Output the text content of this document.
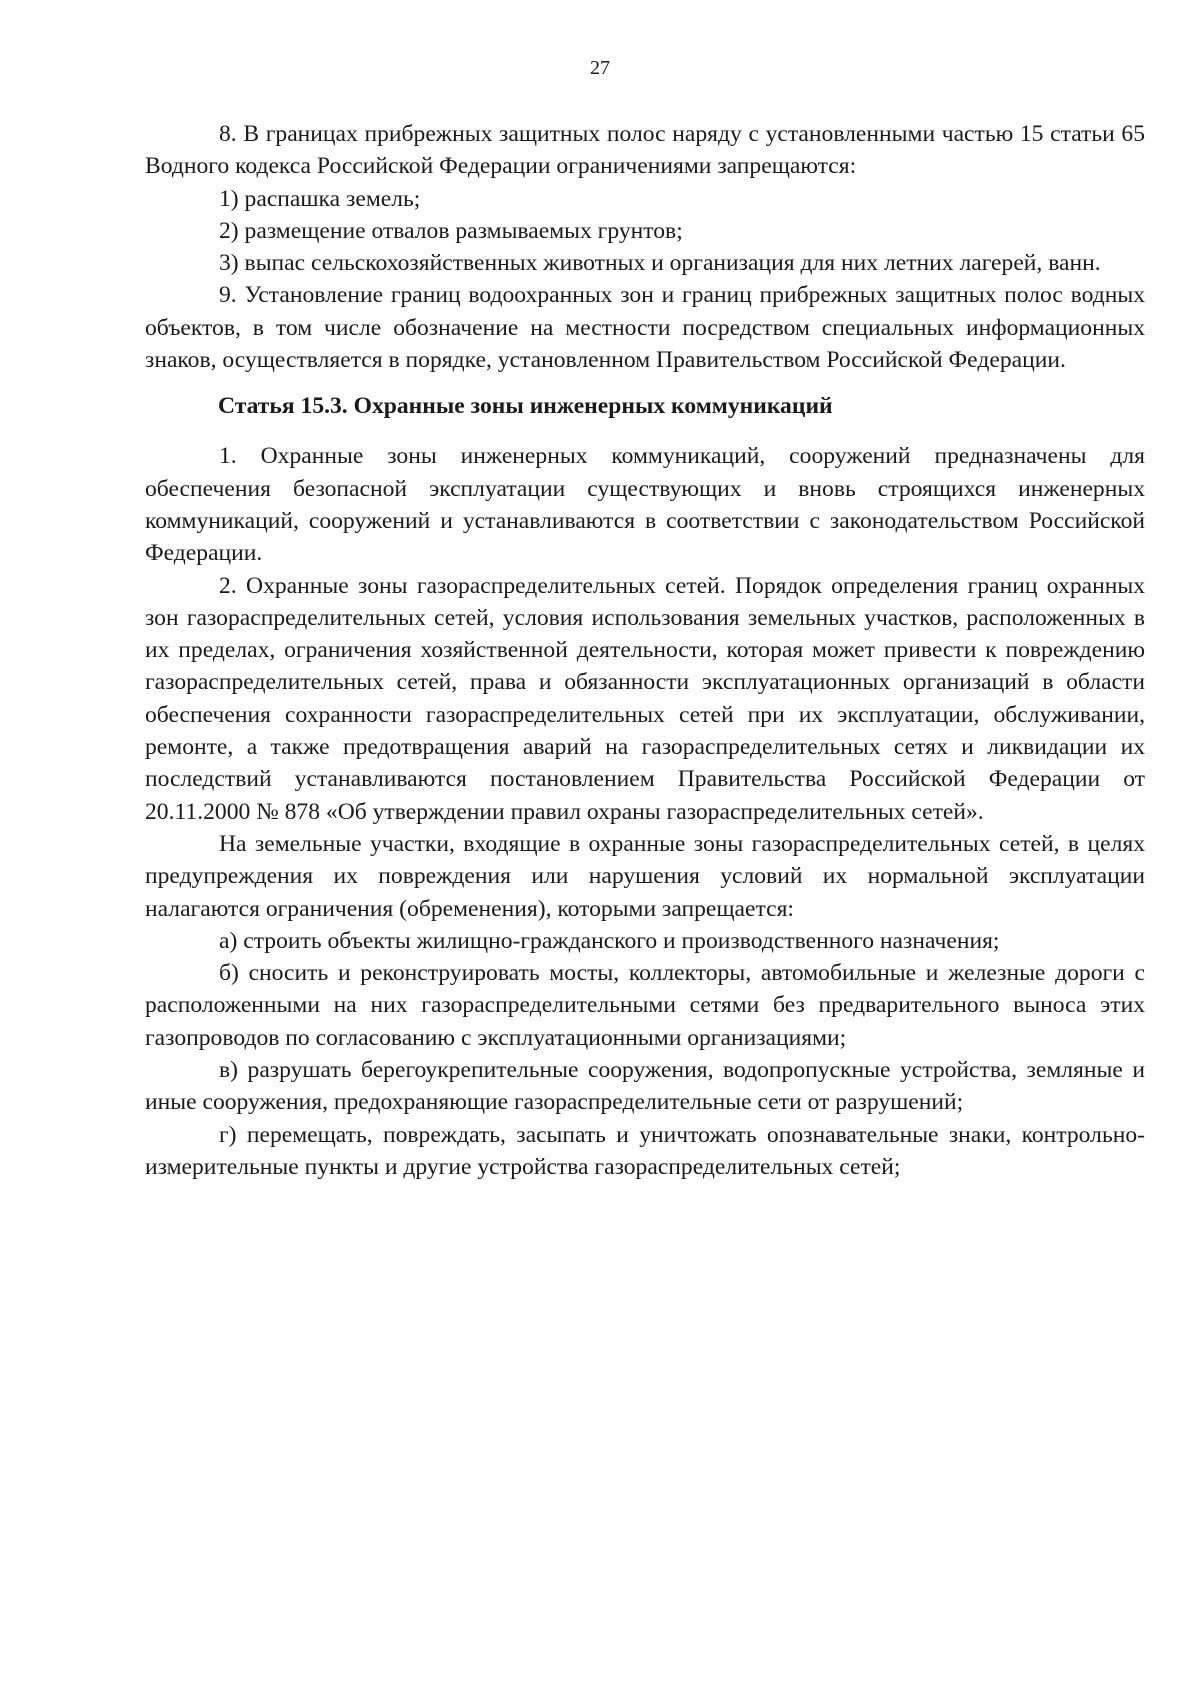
27

8. В границах прибрежных защитных полос наряду с установленными частью 15 статьи 65 Водного кодекса Российской Федерации ограничениями запрещаются:

1) распашка земель;

2) размещение отвалов размываемых грунтов;

3) выпас сельскохозяйственных животных и организация для них летних лагерей, ванн.

9. Установление границ водоохранных зон и границ прибрежных защитных полос водных объектов, в том числе обозначение на местности посредством специальных информационных знаков, осуществляется в порядке, установленном Правительством Российской Федерации.

Статья 15.3. Охранные зоны инженерных коммуникаций

1. Охранные зоны инженерных коммуникаций, сооружений предназначены для обеспечения безопасной эксплуатации существующих и вновь строящихся инженерных коммуникаций, сооружений и устанавливаются в соответствии с законодательством Российской Федерации.

2. Охранные зоны газораспределительных сетей. Порядок определения границ охранных зон газораспределительных сетей, условия использования земельных участков, расположенных в их пределах, ограничения хозяйственной деятельности, которая может привести к повреждению газораспределительных сетей, права и обязанности эксплуатационных организаций в области обеспечения сохранности газораспределительных сетей при их эксплуатации, обслуживании, ремонте, а также предотвращения аварий на газораспределительных сетях и ликвидации их последствий устанавливаются постановлением Правительства Российской Федерации от 20.11.2000 № 878 «Об утверждении правил охраны газораспределительных сетей».

На земельные участки, входящие в охранные зоны газораспределительных сетей, в целях предупреждения их повреждения или нарушения условий их нормальной эксплуатации налагаются ограничения (обременения), которыми запрещается:

а) строить объекты жилищно-гражданского и производственного назначения;

б) сносить и реконструировать мосты, коллекторы, автомобильные и железные дороги с расположенными на них газораспределительными сетями без предварительного выноса этих газопроводов по согласованию с эксплуатационными организациями;

в) разрушать берегоукрепительные сооружения, водопропускные устройства, земляные и иные сооружения, предохраняющие газораспределительные сети от разрушений;

г) перемещать, повреждать, засыпать и уничтожать опознавательные знаки, контрольно-измерительные пункты и другие устройства газораспределительных сетей;
